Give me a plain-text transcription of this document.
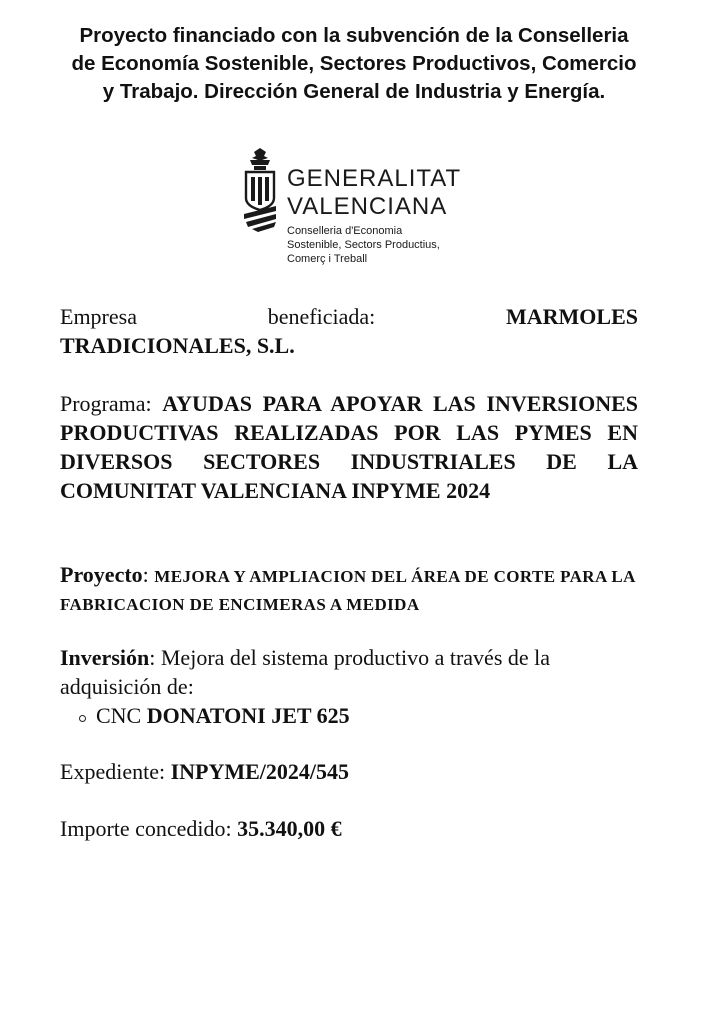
Proyecto financiado con la subvención de la Conselleria
de Economía Sostenible, Sectores Productivos, Comercio
y Trabajo. Dirección General de Industria y Energía.
GENERALITAT
VALENCIANA
Conselleria d'Economia
Sostenible, Sectors Productius,
Comerç i Treball
Empresa	beneficiada:	MARMOLES
TRADICIONALES, S.L.
Programa: AYUDAS PARA APOYAR LAS INVERSIONES PRODUCTIVAS REALIZADAS POR LAS PYMES EN DIVERSOS SECTORES INDUSTRIALES DE LA COMUNITAT VALENCIANA INPYME 2024
Proyecto: MEJORA Y AMPLIACION DEL ÁREA DE CORTE PARA LA FABRICACION DE ENCIMERAS A MEDIDA
Inversión: Mejora del sistema productivo a través de la adquisición de:
CNC DONATONI JET 625
Expediente: INPYME/2024/545
Importe concedido: 35.340,00 €
